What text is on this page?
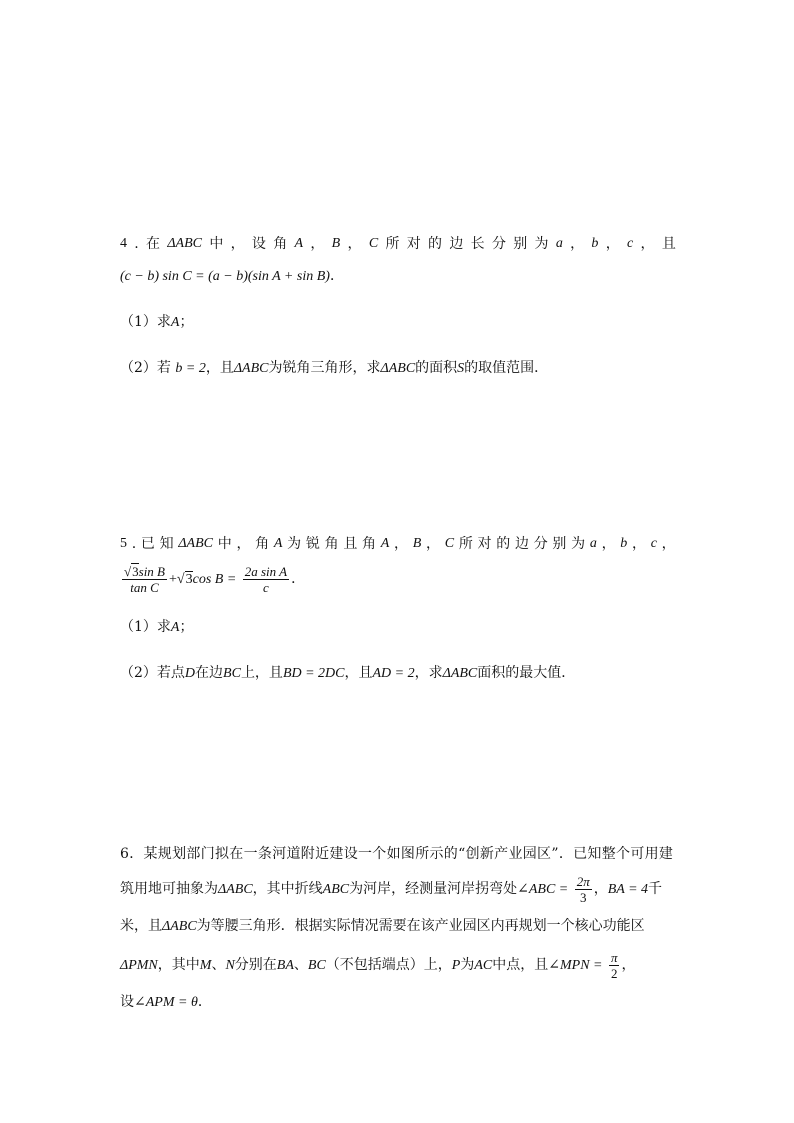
4 . 在 ΔABC 中 ， 设 角 A ， B ， C 所 对 的 边 长 分 别 为 a ， b ， c ， 且
(c − b) sin C = (a − b)(sin A + sin B)．
（1）求A；
（2）若 b = 2，且ΔABC为锐角三角形，求ΔABC的面积S的取值范围．
5 . 已 知 ΔABC 中 ， 角 A 为 锐 角 且 角 A ， B ， C 所 对 的 边 分 别 为 a ， b ， c ，
$\frac{\text{√3sin B}}{\text{tan C}} +√3\cos$ $B = \frac{\text{2a sin A}}{c}$ ．
（1）求A；
（2）若点D在边BC上，且BD = 2DC，且AD = 2，求ΔABC面积的最大值．
6．某规划部门拟在一条河道附近建设一个如图所示的“创新产业园区”．已知整个可用建
筑用地可抽象为ΔABC，其中折线ABC为河岸，经测量河岸拐弯处∠ABC = $\frac{2\pi}{3}$ ，BA = 4千
米，且ΔABC为等腰三角形．根据实际情况需要在该产业园区内再规划一个核心功能区
ΔPMN，其中M、N分别在BA、BC（不包括端点）上，P为AC中点，且∠MPN = $\frac{\pi}{2}$ ，
设∠APM = θ．
